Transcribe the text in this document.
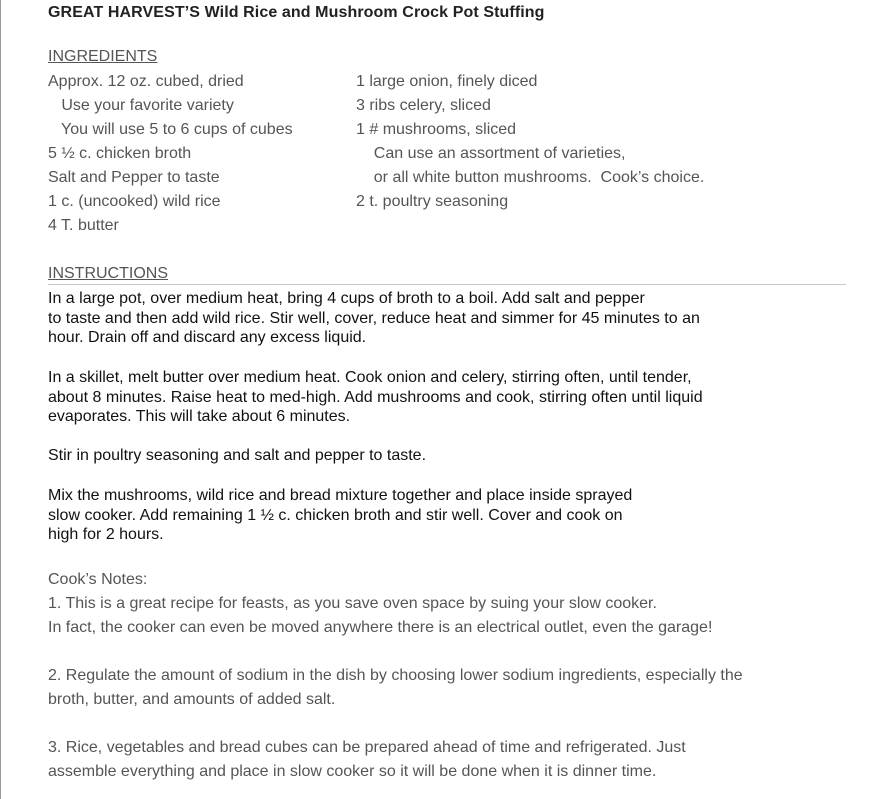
GREAT HARVEST’S Wild Rice and Mushroom Crock Pot Stuffing
INGREDIENTS
Approx. 12 oz. cubed, dried
Use your favorite variety
You will use 5 to 6 cups of cubes
5 ½ c. chicken broth
Salt and Pepper to taste
1 c. (uncooked) wild rice
4 T. butter
1 large onion, finely diced
3 ribs celery, sliced
1 # mushrooms, sliced
Can use an assortment of varieties,
or all white button mushrooms.  Cook’s choice.
2 t. poultry seasoning
INSTRUCTIONS
In a large pot, over medium heat, bring 4 cups of broth to a boil. Add salt and pepper
to taste and then add wild rice. Stir well, cover, reduce heat and simmer for 45 minutes to an
hour. Drain off and discard any excess liquid.
In a skillet, melt butter over medium heat. Cook onion and celery, stirring often, until tender,
about 8 minutes. Raise heat to med-high. Add mushrooms and cook, stirring often until liquid
evaporates. This will take about 6 minutes.
Stir in poultry seasoning and salt and pepper to taste.
Mix the mushrooms, wild rice and bread mixture together and place inside sprayed
slow cooker. Add remaining 1 ½ c. chicken broth and stir well. Cover and cook on
high for 2 hours.
Cook’s Notes:
1. This is a great recipe for feasts, as you save oven space by suing your slow cooker.
In fact, the cooker can even be moved anywhere there is an electrical outlet, even the garage!
2. Regulate the amount of sodium in the dish by choosing lower sodium ingredients, especially the
broth, butter, and amounts of added salt.
3. Rice, vegetables and bread cubes can be prepared ahead of time and refrigerated. Just
assemble everything and place in slow cooker so it will be done when it is dinner time.
